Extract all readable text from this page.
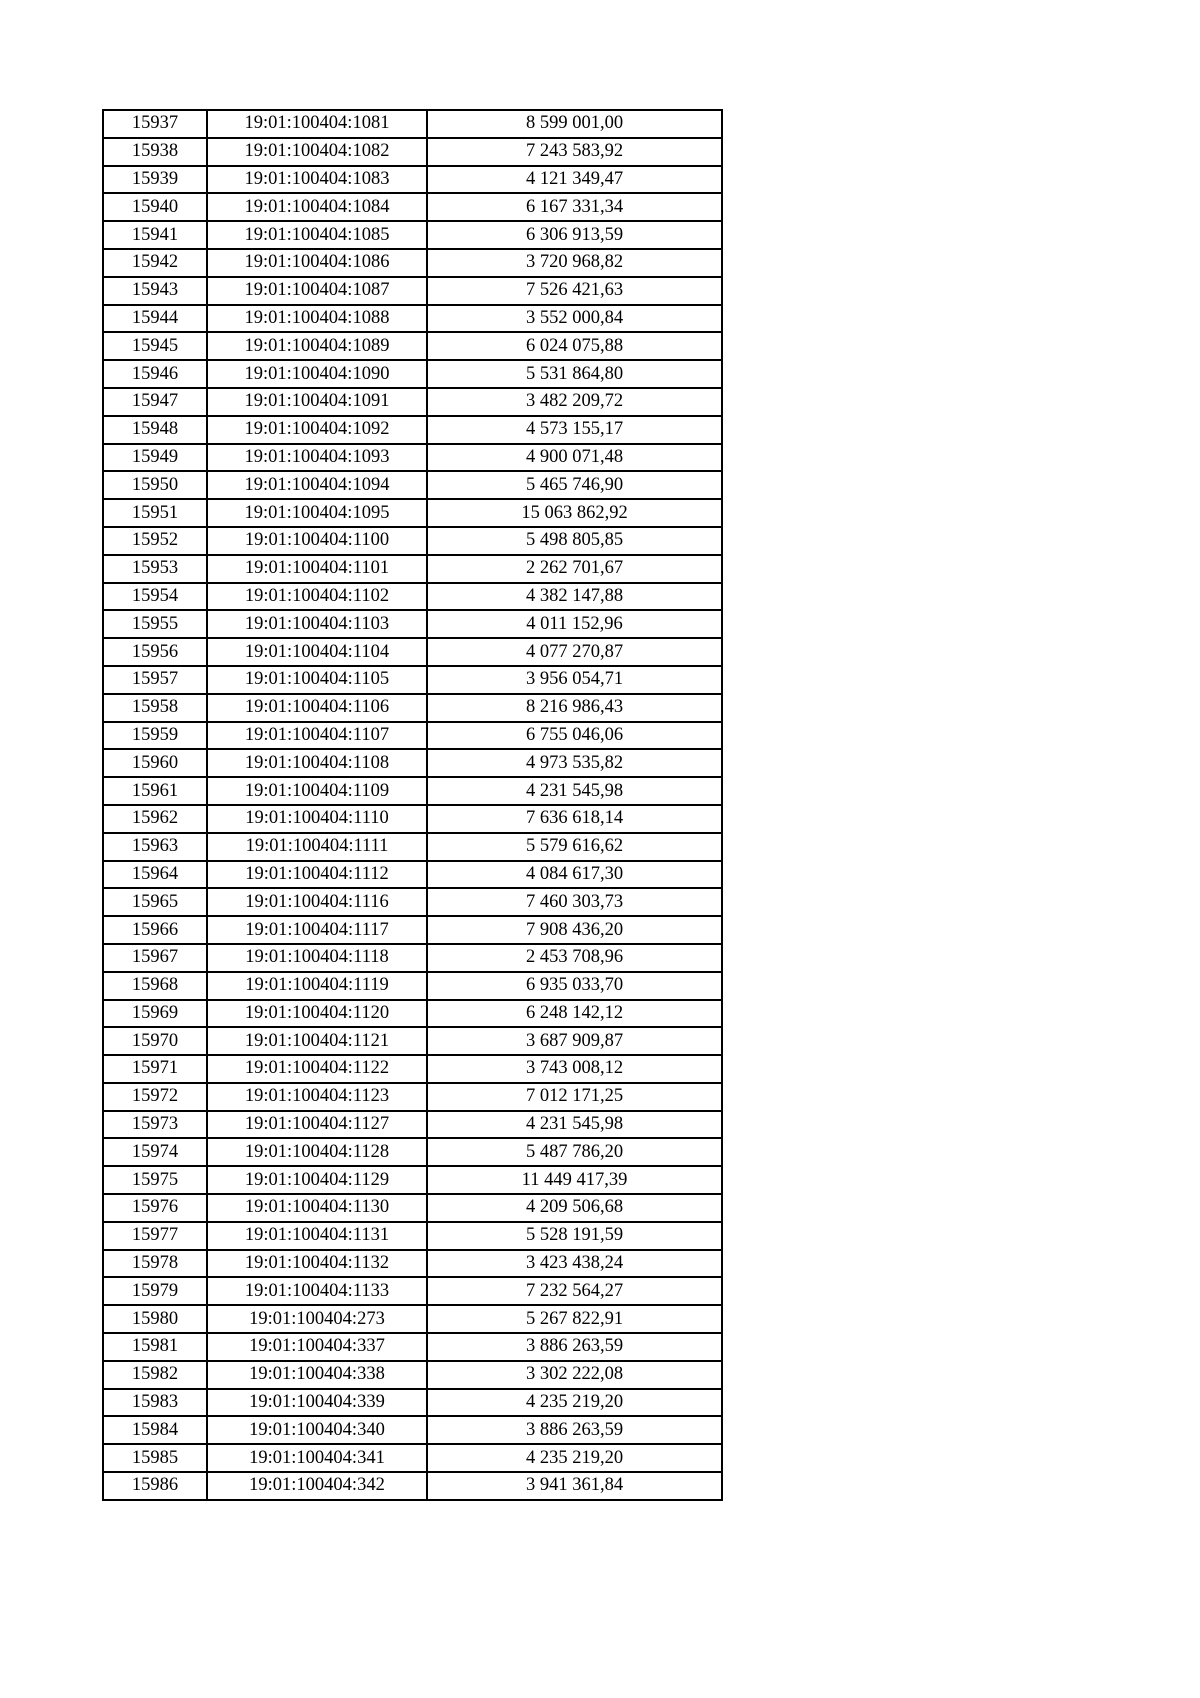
15937	19:01:100404:1081	8 599 001,00
15938	19:01:100404:1082	7 243 583,92
15939	19:01:100404:1083	4 121 349,47
15940	19:01:100404:1084	6 167 331,34
15941	19:01:100404:1085	6 306 913,59
15942	19:01:100404:1086	3 720 968,82
15943	19:01:100404:1087	7 526 421,63
15944	19:01:100404:1088	3 552 000,84
15945	19:01:100404:1089	6 024 075,88
15946	19:01:100404:1090	5 531 864,80
15947	19:01:100404:1091	3 482 209,72
15948	19:01:100404:1092	4 573 155,17
15949	19:01:100404:1093	4 900 071,48
15950	19:01:100404:1094	5 465 746,90
15951	19:01:100404:1095	15 063 862,92
15952	19:01:100404:1100	5 498 805,85
15953	19:01:100404:1101	2 262 701,67
15954	19:01:100404:1102	4 382 147,88
15955	19:01:100404:1103	4 011 152,96
15956	19:01:100404:1104	4 077 270,87
15957	19:01:100404:1105	3 956 054,71
15958	19:01:100404:1106	8 216 986,43
15959	19:01:100404:1107	6 755 046,06
15960	19:01:100404:1108	4 973 535,82
15961	19:01:100404:1109	4 231 545,98
15962	19:01:100404:1110	7 636 618,14
15963	19:01:100404:1111	5 579 616,62
15964	19:01:100404:1112	4 084 617,30
15965	19:01:100404:1116	7 460 303,73
15966	19:01:100404:1117	7 908 436,20
15967	19:01:100404:1118	2 453 708,96
15968	19:01:100404:1119	6 935 033,70
15969	19:01:100404:1120	6 248 142,12
15970	19:01:100404:1121	3 687 909,87
15971	19:01:100404:1122	3 743 008,12
15972	19:01:100404:1123	7 012 171,25
15973	19:01:100404:1127	4 231 545,98
15974	19:01:100404:1128	5 487 786,20
15975	19:01:100404:1129	11 449 417,39
15976	19:01:100404:1130	4 209 506,68
15977	19:01:100404:1131	5 528 191,59
15978	19:01:100404:1132	3 423 438,24
15979	19:01:100404:1133	7 232 564,27
15980	19:01:100404:273	5 267 822,91
15981	19:01:100404:337	3 886 263,59
15982	19:01:100404:338	3 302 222,08
15983	19:01:100404:339	4 235 219,20
15984	19:01:100404:340	3 886 263,59
15985	19:01:100404:341	4 235 219,20
15986	19:01:100404:342	3 941 361,84
